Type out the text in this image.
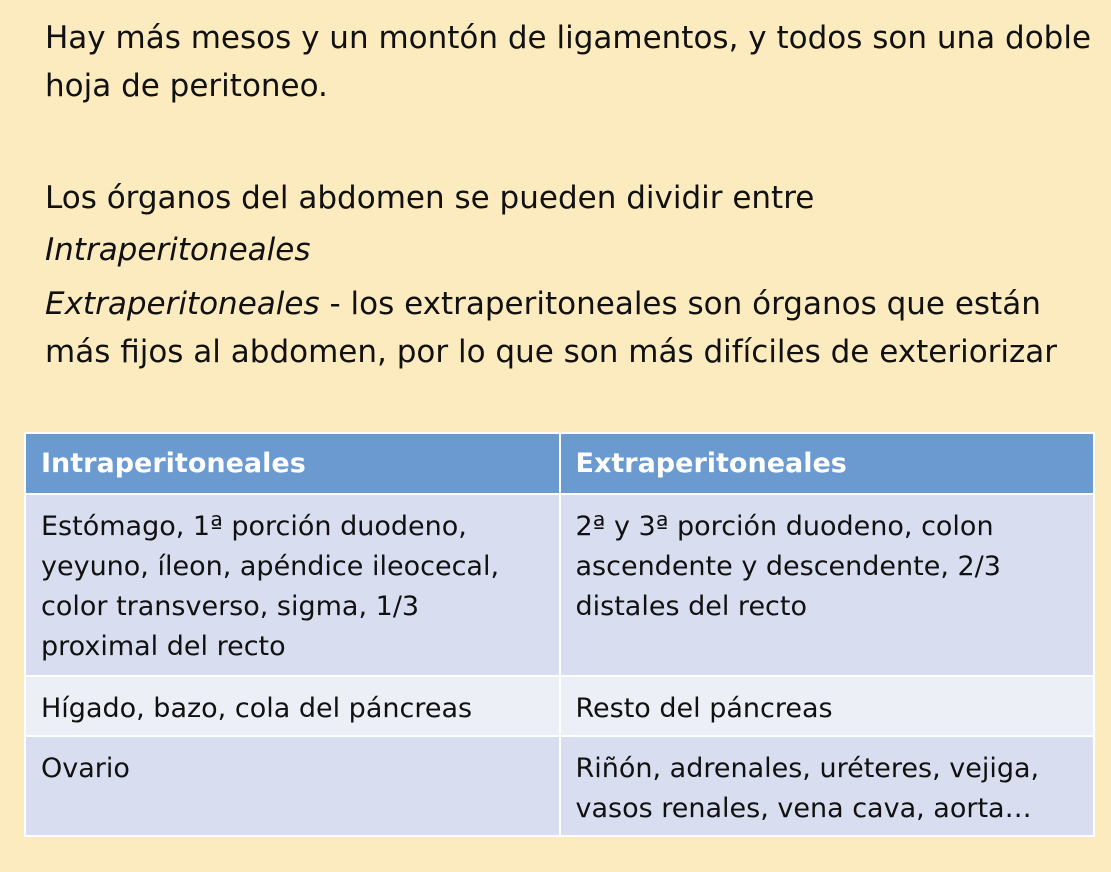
Hay más mesos y un montón de ligamentos, y todos son una doble hoja de peritoneo.

Los órganos del abdomen se pueden dividir entre

Intraperitoneales

Extraperitoneales - los extraperitoneales son órganos que están más fijos al abdomen, por lo que son más difíciles de exteriorizar

Intraperitoneales	Extraperitoneales
Estómago, 1ª porción duodeno, yeyuno, íleon, apéndice ileocecal, color transverso, sigma, 1/3 proximal del recto	2ª y 3ª porción duodeno, colon ascendente y descendente, 2/3 distales del recto
Hígado, bazo, cola del páncreas	Resto del páncreas
Ovario	Riñón, adrenales, uréteres, vejiga, vasos renales, vena cava, aorta…
